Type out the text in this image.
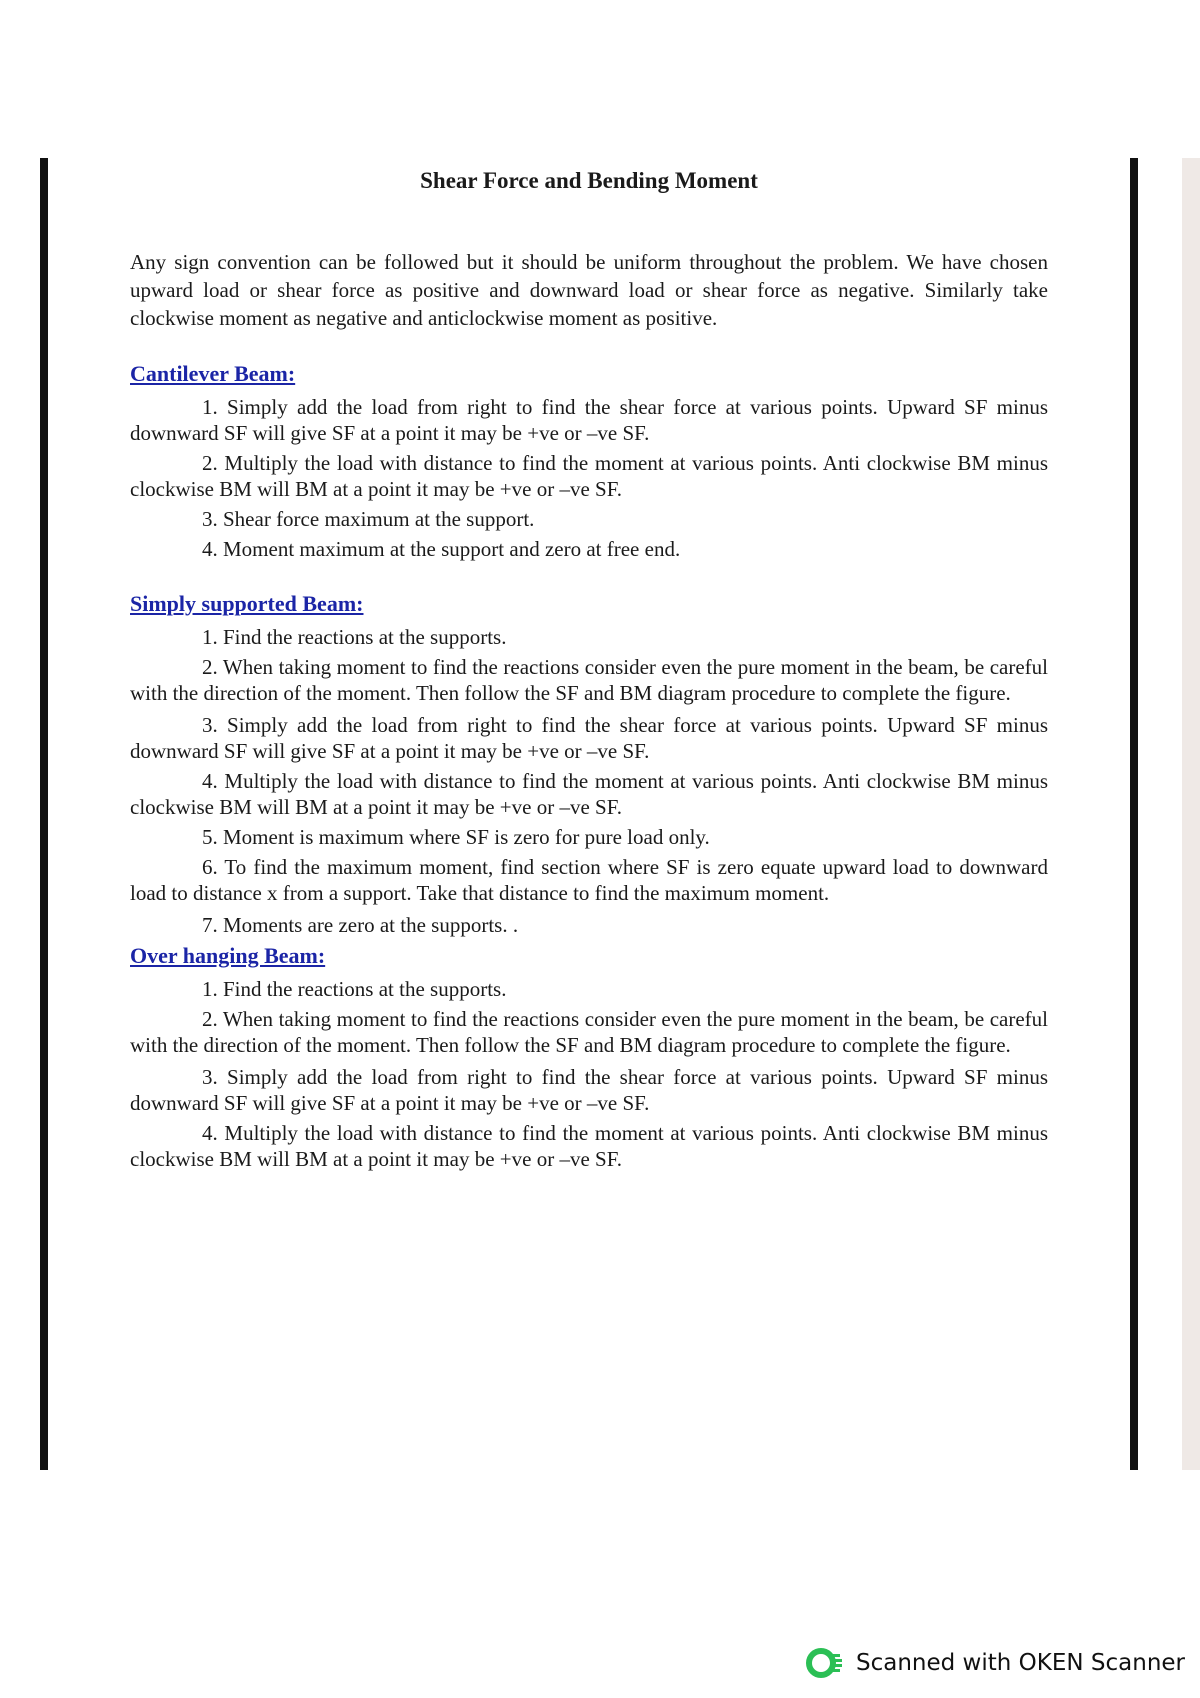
Shear Force and Bending Moment

Any sign convention can be followed but it should be uniform throughout the problem. We have chosen upward load or shear force as positive and downward load or shear force as negative. Similarly take clockwise moment as negative and anticlockwise moment as positive.

Cantilever Beam:

1. Simply add the load from right to find the shear force at various points. Upward SF minus downward SF will give SF at a point it may be +ve or –ve SF.

2. Multiply the load with distance to find the moment at various points. Anti clockwise BM minus clockwise BM will BM at a point it may be +ve or –ve SF.

3. Shear force maximum at the support.

4. Moment maximum at the support and zero at free end.

Simply supported Beam:

1. Find the reactions at the supports.

2. When taking moment to find the reactions consider even the pure moment in the beam, be careful with the direction of the moment. Then follow the SF and BM diagram procedure to complete the figure.

3. Simply add the load from right to find the shear force at various points. Upward SF minus downward SF will give SF at a point it may be +ve or –ve SF.

4. Multiply the load with distance to find the moment at various points. Anti clockwise BM minus clockwise BM will BM at a point it may be +ve or –ve SF.

5. Moment is maximum where SF is zero for pure load only.

6. To find the maximum moment, find section where SF is zero equate upward load to downward load to distance x from a support. Take that distance to find the maximum moment.

7. Moments are zero at the supports. .

Over hanging Beam:

1. Find the reactions at the supports.

2. When taking moment to find the reactions consider even the pure moment in the beam, be careful with the direction of the moment. Then follow the SF and BM diagram procedure to complete the figure.

3. Simply add the load from right to find the shear force at various points. Upward SF minus downward SF will give SF at a point it may be +ve or –ve SF.

4. Multiply the load with distance to find the moment at various points. Anti clockwise BM minus clockwise BM will BM at a point it may be +ve or –ve SF.

Scanned with OKEN Scanner
